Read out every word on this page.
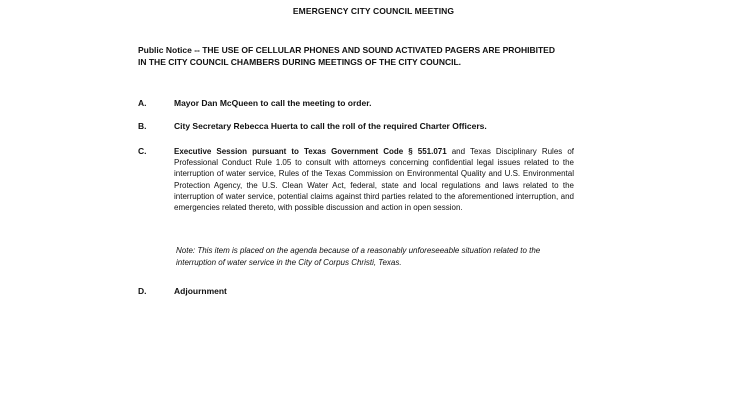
EMERGENCY CITY COUNCIL MEETING
Public Notice -- THE USE OF CELLULAR PHONES AND SOUND ACTIVATED PAGERS ARE PROHIBITED IN THE CITY COUNCIL CHAMBERS DURING MEETINGS OF THE CITY COUNCIL.
A.	Mayor Dan McQueen to call the meeting to order.
B.	City Secretary Rebecca Huerta to call the roll of the required Charter Officers.
C.	Executive Session pursuant to Texas Government Code § 551.071 and Texas Disciplinary Rules of Professional Conduct Rule 1.05 to consult with attorneys concerning confidential legal issues related to the interruption of water service, Rules of the Texas Commission on Environmental Quality and U.S. Environmental Protection Agency, the U.S. Clean Water Act, federal, state and local regulations and laws related to the interruption of water service, potential claims against third parties related to the aforementioned interruption, and emergencies related thereto, with possible discussion and action in open session.
Note: This item is placed on the agenda because of a reasonably unforeseeable situation related to the interruption of water service in the City of Corpus Christi, Texas.
D.	Adjournment
